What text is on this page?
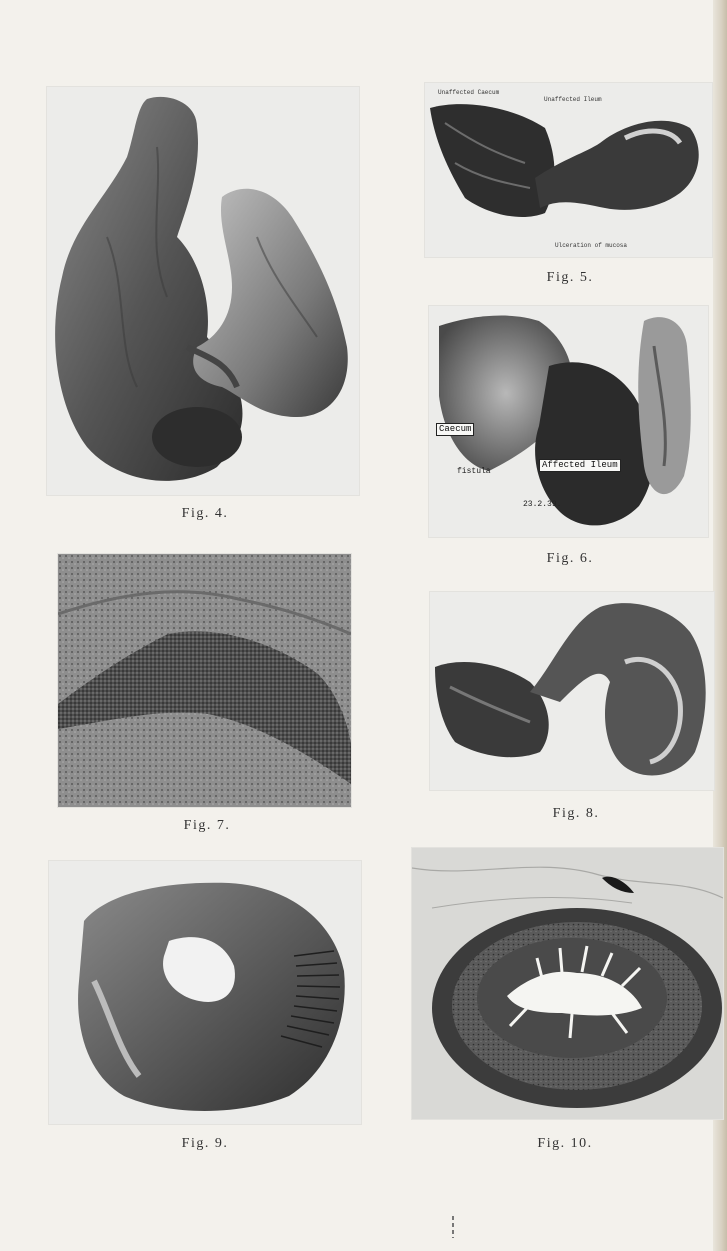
Fig. 4.
Unaffected Caecum
Unaffected Ileum
Ulceration of mucosa
Fig. 5.
Caecum
Affected Ileum
fistula
23.2.39.
Fig. 6.
Fig. 7.
Fig. 8.
Fig. 9.	Fig. 10.
